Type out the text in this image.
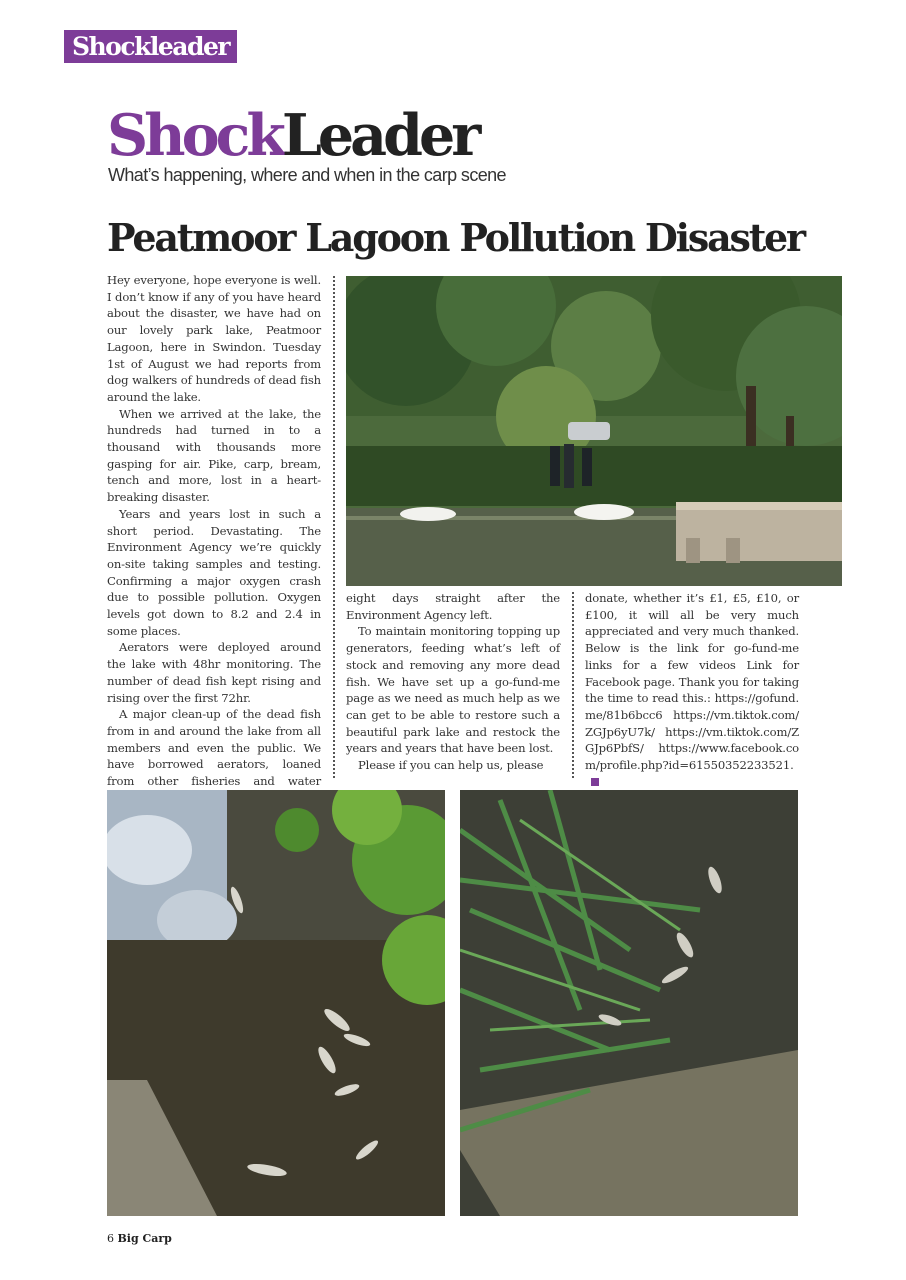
Shockleader
ShockLeader
What’s happening, where and when in the carp scene
Peatmoor Lagoon Pollution Disaster

Hey everyone, hope everyone is well. I don’t know if any of you have heard about the disaster, we have had on our lovely park lake, Peatmoor Lagoon, here in Swindon. Tuesday 1st of August we had reports from dog walkers of hundreds of dead fish around the lake.

When we arrived at the lake, the hundreds had turned in to a thousand with thousands more gasping for air. Pike, carp, bream, tench and more, lost in a heart-breaking disaster.

Years and years lost in such a short period. Devastating. The Environment Agency we’re quickly on-site taking samples and testing. Confirming a major oxygen crash due to possible pollution. Oxygen levels got down to 8.2 and 2.4 in some places.

Aerators were deployed around the lake with 48hr monitoring. The number of dead fish kept rising and rising over the first 72hr.

A major clean-up of the dead fish from in and around the lake from all members and even the public. We have borrowed aerators, loaned from other fisheries and water

eight days straight after the Environment Agency left.

To maintain monitoring topping up generators, feeding what’s left of stock and removing any more dead fish. We have set up a go-fund-me page as we need as much help as we can get to be able to restore such a beautiful park lake and restock the years and years that have been lost.

Please if you can help us, please

donate, whether it’s £1, £5, £10, or £100, it will all be very much appreciated and very much thanked. Below is the link for go-fund-me links for a few videos Link for Facebook page. Thank you for taking the time to read this.: https://gofund.me/81b6bcc6 https://vm.tiktok.com/ZGJp6yU7k/ https://vm.tiktok.com/ZGJp6PbfS/ https://www.facebook.com/profile.php?id=61550352233521.

6 Big Carp
